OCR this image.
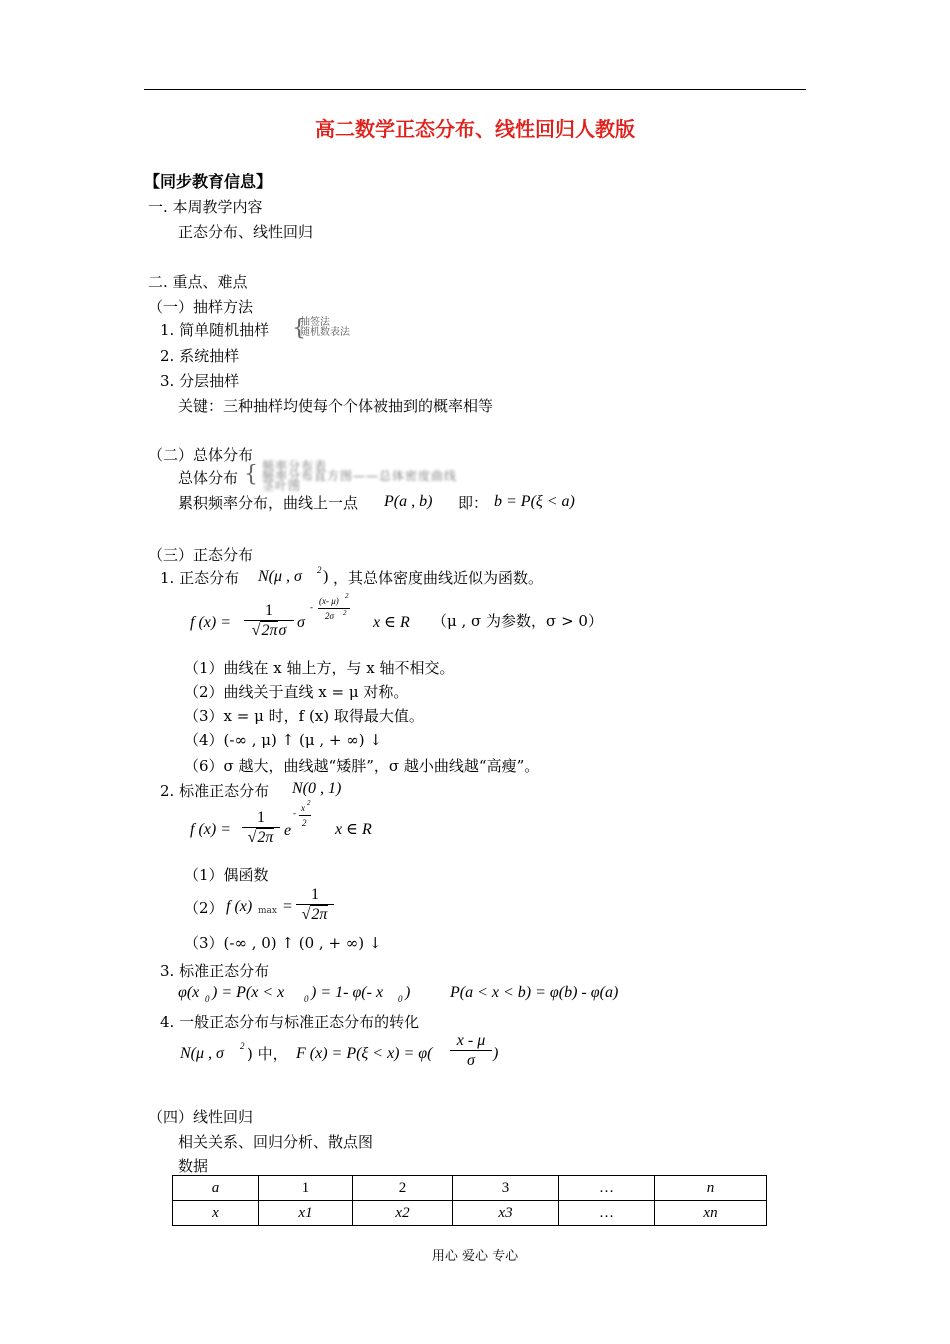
高二数学正态分布、线性回归人教版
【同步教育信息】
一. 本周教学内容
正态分布、线性回归
二. 重点、难点
（一）抽样方法
1. 简单随机抽样 {
抽签法
随机数表法
2. 系统抽样
3. 分层抽样
关键：三种抽样均使每个个体被抽到的概率相等
（二）总体分布
总体分布 { 频率分布表
频率分布直方图——总体密度曲线
茎叶图
累积频率分布，曲线上一点 P(a , b) 即： b = P(ξ < a)
（三）正态分布
1. 正态分布 N(μ , σ 2 ) ，其总体密度曲线近似为函数。
f (x) =
1
√2πσ σ
-
(x- μ) 2
2σ 2
x ∈ R （μ , σ 为参数，σ > 0）
（1）曲线在 x 轴上方，与 x 轴不相交。
（2）曲线关于直线 x = μ 对称。
（3）x = μ 时，f (x) 取得最大值。
（4）(-∞ , μ) ↑ (μ , + ∞) ↓
（6）σ 越大，曲线越“矮胖”，σ 越小曲线越“高瘦”。
2. 标准正态分布 N(0 , 1)
f (x) =
1
√2π e
- x 2
2 x ∈ R
（1）偶函数
（2） f (x) max =
1
√2π
（3）(-∞ , 0) ↑ (0 , + ∞) ↓
3. 标准正态分布
φ(x 0 ) = P(x < x 0 ) = 1- φ(- x 0 ) P(a < x < b) = φ(b) - φ(a)
4. 一般正态分布与标准正态分布的转化
N(μ , σ 2 ) 中， F (x) = P(ξ < x) = φ(
x - μ
σ	)
（四）线性回归
相关关系、回归分析、散点图
数据
a	1	2	3	…	n
x	x1	x2	x3	…	xn
用心 爱心 专心
